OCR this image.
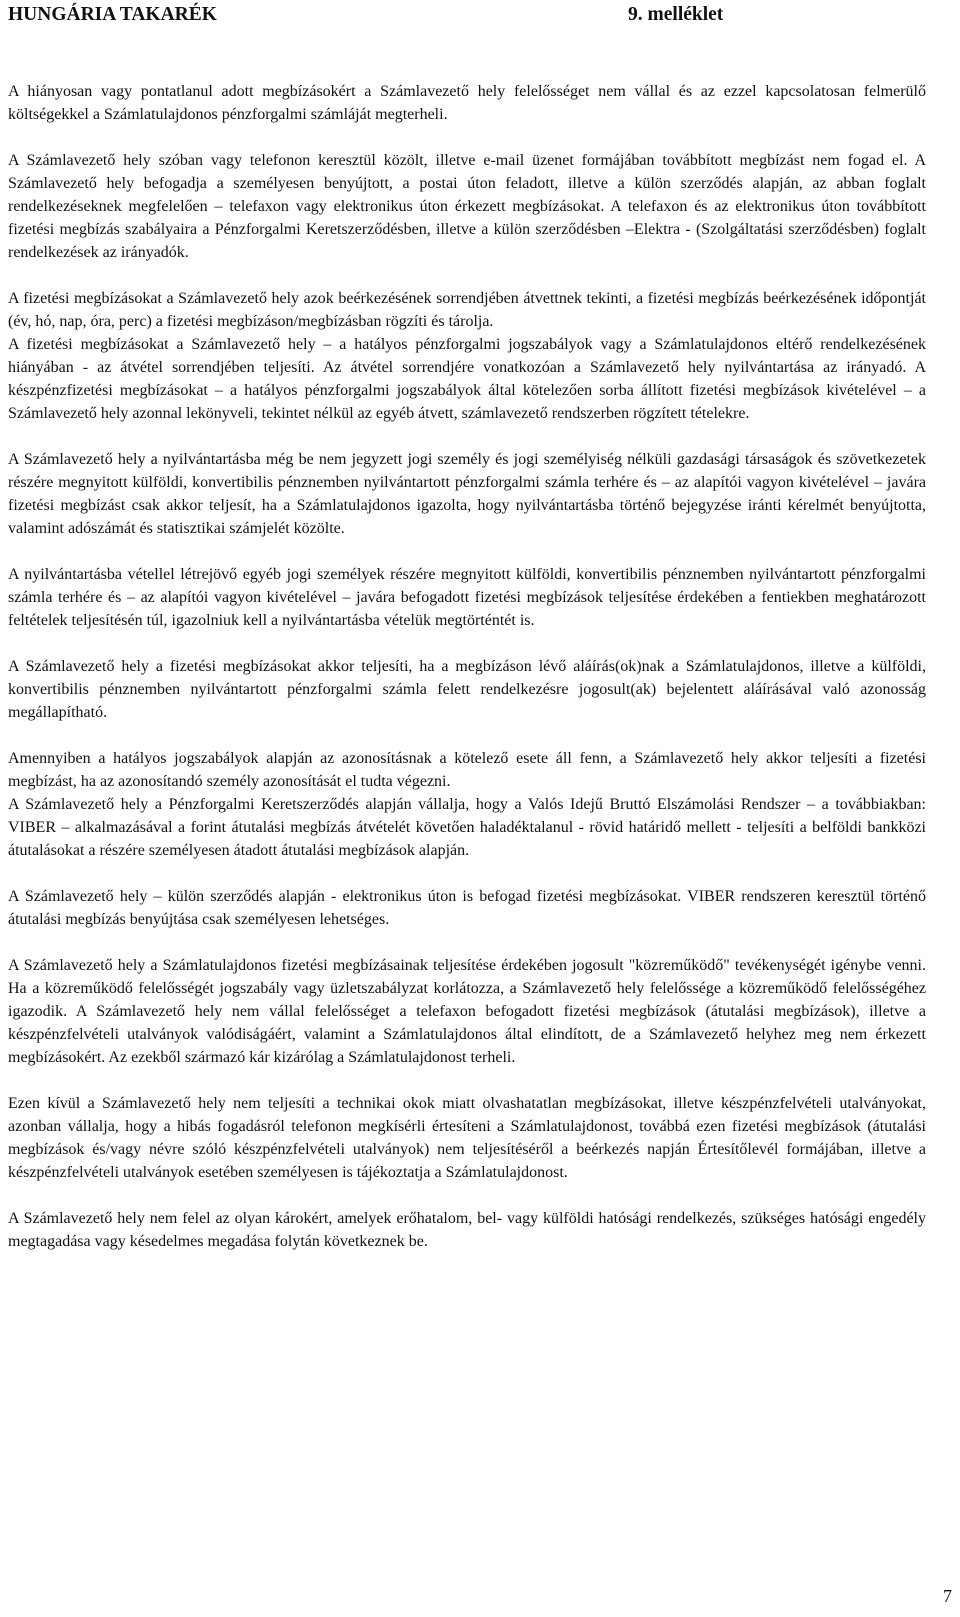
HUNGÁRIA TAKARÉK	9. melléklet

A hiányosan vagy pontatlanul adott megbízásokért a Számlavezető hely felelősséget nem vállal és az ezzel kapcsolatosan felmerülő költségekkel a Számlatulajdonos pénzforgalmi számláját megterheli.

A Számlavezető hely szóban vagy telefonon keresztül közölt, illetve e-mail üzenet formájában továbbított megbízást nem fogad el. A Számlavezető hely befogadja a személyesen benyújtott, a postai úton feladott, illetve a külön szerződés alapján, az abban foglalt rendelkezéseknek megfelelően – telefaxon vagy elektronikus úton érkezett megbízásokat. A telefaxon és az elektronikus úton továbbított fizetési megbízás szabályaira a Pénzforgalmi Keretszerződésben, illetve a külön szerződésben –Elektra - (Szolgáltatási szerződésben) foglalt rendelkezések az irányadók.

A fizetési megbízásokat a Számlavezető hely azok beérkezésének sorrendjében átvettnek tekinti, a fizetési megbízás beérkezésének időpontját (év, hó, nap, óra, perc) a fizetési megbízáson/megbízásban rögzíti és tárolja.

A fizetési megbízásokat a Számlavezető hely – a hatályos pénzforgalmi jogszabályok vagy a Számlatulajdonos eltérő rendelkezésének hiányában - az átvétel sorrendjében teljesíti. Az átvétel sorrendjére vonatkozóan a Számlavezető hely nyilvántartása az irányadó. A készpénzfizetési megbízásokat – a hatályos pénzforgalmi jogszabályok által kötelezően sorba állított fizetési megbízások kivételével – a Számlavezető hely azonnal lekönyveli, tekintet nélkül az egyéb átvett, számlavezető rendszerben rögzített tételekre.

A Számlavezető hely a nyilvántartásba még be nem jegyzett jogi személy és jogi személyiség nélküli gazdasági társaságok és szövetkezetek részére megnyitott külföldi, konvertibilis pénznemben nyilvántartott pénzforgalmi számla terhére és – az alapítói vagyon kivételével – javára fizetési megbízást csak akkor teljesít, ha a Számlatulajdonos igazolta, hogy nyilvántartásba történő bejegyzése iránti kérelmét benyújtotta, valamint adószámát és statisztikai számjelét közölte.

A nyilvántartásba vétellel létrejövő egyéb jogi személyek részére megnyitott külföldi, konvertibilis pénznemben nyilvántartott pénzforgalmi számla terhére és – az alapítói vagyon kivételével – javára befogadott fizetési megbízások teljesítése érdekében a fentiekben meghatározott feltételek teljesítésén túl, igazolniuk kell a nyilvántartásba vételük megtörténtét is.

A Számlavezető hely a fizetési megbízásokat akkor teljesíti, ha a megbízáson lévő aláírás(ok)nak a Számlatulajdonos, illetve a külföldi, konvertibilis pénznemben nyilvántartott pénzforgalmi számla felett rendelkezésre jogosult(ak) bejelentett aláírásával való azonosság megállapítható.

Amennyiben a hatályos jogszabályok alapján az azonosításnak a kötelező esete áll fenn, a Számlavezető hely akkor teljesíti a fizetési megbízást, ha az azonosítandó személy azonosítását el tudta végezni.

A Számlavezető hely a Pénzforgalmi Keretszerződés alapján vállalja, hogy a Valós Idejű Bruttó Elszámolási Rendszer – a továbbiakban: VIBER – alkalmazásával a forint átutalási megbízás átvételét követően haladéktalanul - rövid határidő mellett - teljesíti a belföldi bankközi átutalásokat a részére személyesen átadott átutalási megbízások alapján.

A Számlavezető hely – külön szerződés alapján - elektronikus úton is befogad fizetési megbízásokat. VIBER rendszeren keresztül történő átutalási megbízás benyújtása csak személyesen lehetséges.

A Számlavezető hely a Számlatulajdonos fizetési megbízásainak teljesítése érdekében jogosult "közreműködő" tevékenységét igénybe venni. Ha a közreműködő felelősségét jogszabály vagy üzletszabályzat korlátozza, a Számlavezető hely felelőssége a közreműködő felelősségéhez igazodik. A Számlavezető hely nem vállal felelősséget a telefaxon befogadott fizetési megbízások (átutalási megbízások), illetve a készpénzfelvételi utalványok valódiságáért, valamint a Számlatulajdonos által elindított, de a Számlavezető helyhez meg nem érkezett megbízásokért. Az ezekből származó kár kizárólag a Számlatulajdonost terheli.

Ezen kívül a Számlavezető hely nem teljesíti a technikai okok miatt olvashatatlan megbízásokat, illetve készpénzfelvételi utalványokat, azonban vállalja, hogy a hibás fogadásról telefonon megkísérli értesíteni a Számlatulajdonost, továbbá ezen fizetési megbízások (átutalási megbízások és/vagy névre szóló készpénzfelvételi utalványok) nem teljesítéséről a beérkezés napján Értesítőlevél formájában, illetve a készpénzfelvételi utalványok esetében személyesen is tájékoztatja a Számlatulajdonost.

A Számlavezető hely nem felel az olyan károkért, amelyek erőhatalom, bel- vagy külföldi hatósági rendelkezés, szükséges hatósági engedély megtagadása vagy késedelmes megadása folytán következnek be.

7
